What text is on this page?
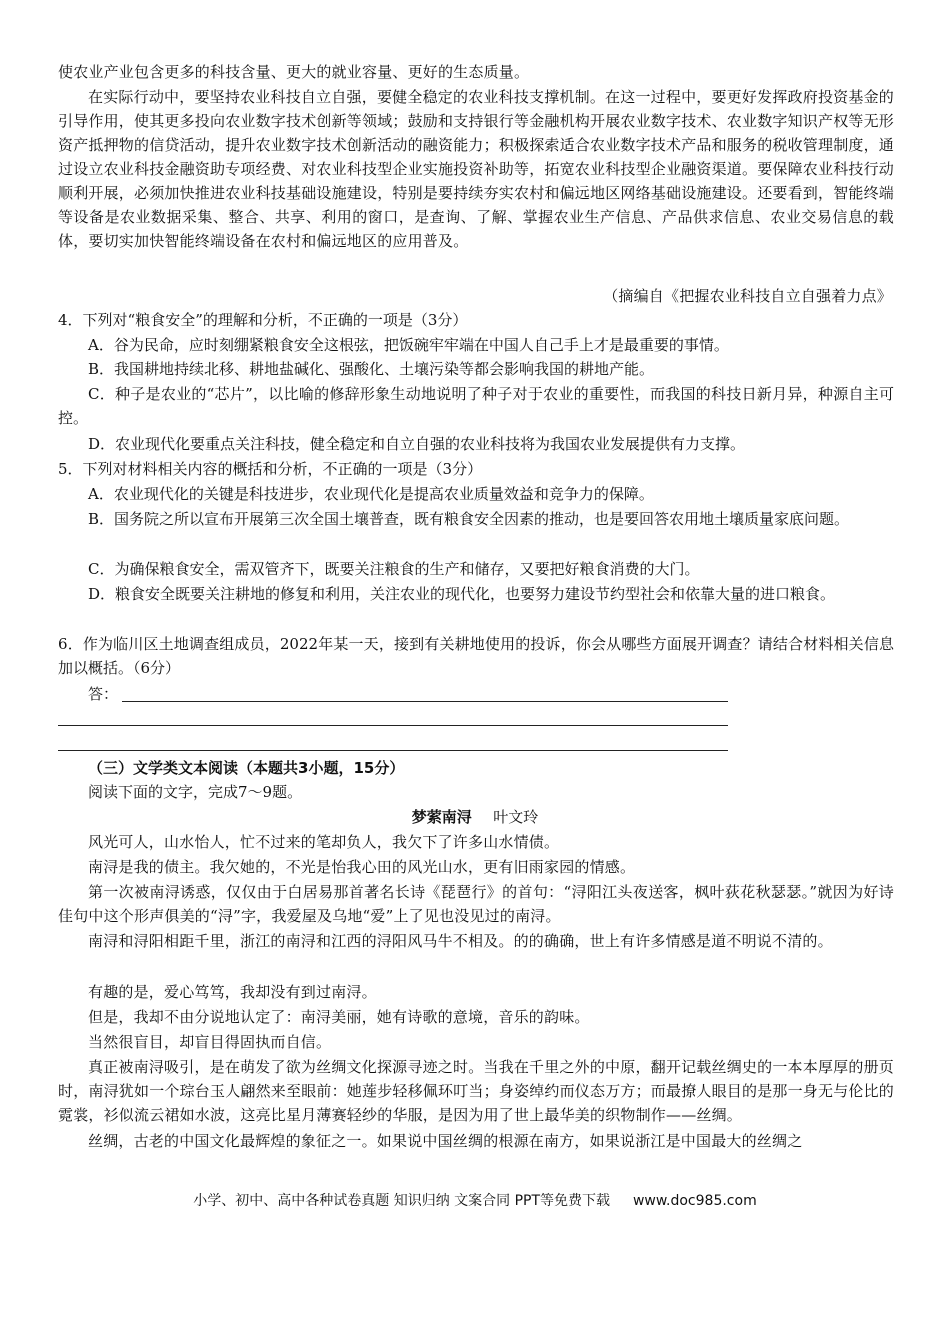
使农业产业包含更多的科技含量、更大的就业容量、更好的生态质量。
在实际行动中，要坚持农业科技自立自强，要健全稳定的农业科技支撑机制。在这一过程中，要更好发挥政府投资基金的引导作用，使其更多投向农业数字技术创新等领域；鼓励和支持银行等金融机构开展农业数字技术、农业数字知识产权等无形资产抵押物的信贷活动，提升农业数字技术创新活动的融资能力；积极探索适合农业数字技术产品和服务的税收管理制度，通过设立农业科技金融资助专项经费、对农业科技型企业实施投资补助等，拓宽农业科技型企业融资渠道。要保障农业科技行动顺利开展，必须加快推进农业科技基础设施建设，特别是要持续夯实农村和偏远地区网络基础设施建设。还要看到，智能终端等设备是农业数据采集、整合、共享、利用的窗口，是查询、了解、掌握农业生产信息、产品供求信息、农业交易信息的载体，要切实加快智能终端设备在农村和偏远地区的应用普及。
（摘编自《把握农业科技自立自强着力点》
4．下列对“粮食安全”的理解和分析，不正确的一项是（3分）
A．谷为民命，应时刻绷紧粮食安全这根弦，把饭碗牢牢端在中国人自己手上才是最重要的事情。
B．我国耕地持续北移、耕地盐碱化、强酸化、土壤污染等都会影响我国的耕地产能。
C．种子是农业的“芯片”，以比喻的修辞形象生动地说明了种子对于农业的重要性，而我国的科技日新月异，种源自主可控。
D．农业现代化要重点关注科技，健全稳定和自立自强的农业科技将为我国农业发展提供有力支撑。
5．下列对材料相关内容的概括和分析，不正确的一项是（3分）
A．农业现代化的关键是科技进步，农业现代化是提高农业质量效益和竞争力的保障。
B．国务院之所以宣布开展第三次全国土壤普查，既有粮食安全因素的推动，也是要回答农用地土壤质量家底问题。
C．为确保粮食安全，需双管齐下，既要关注粮食的生产和储存，又要把好粮食消费的大门。
D．粮食安全既要关注耕地的修复和利用，关注农业的现代化，也要努力建设节约型社会和依靠大量的进口粮食。
6．作为临川区土地调查组成员，2022年某一天，接到有关耕地使用的投诉，你会从哪些方面展开调查？请结合材料相关信息加以概括。（6分）
答：
（三）文学类文本阅读（本题共3小题，15分）
阅读下面的文字，完成7～9题。
梦萦南浔 叶文玲
风光可人，山水怡人，忙不过来的笔却负人，我欠下了许多山水情债。
南浔是我的债主。我欠她的，不光是怡我心田的风光山水，更有旧雨家园的情感。
第一次被南浔诱惑，仅仅由于白居易那首著名长诗《琵琶行》的首句：“浔阳江头夜送客，枫叶荻花秋瑟瑟。”就因为好诗佳句中这个形声俱美的“浔”字，我爱屋及乌地“爱”上了见也没见过的南浔。
南浔和浔阳相距千里，浙江的南浔和江西的浔阳风马牛不相及。的的确确，世上有许多情感是道不明说不清的。
有趣的是，爱心笃笃，我却没有到过南浔。
但是，我却不由分说地认定了：南浔美丽，她有诗歌的意境，音乐的韵味。
当然很盲目，却盲目得固执而自信。
真正被南浔吸引，是在萌发了欲为丝绸文化探源寻迹之时。当我在千里之外的中原，翻开记载丝绸史的一本本厚厚的册页时，南浔犹如一个琮台玉人翩然来至眼前：她莲步轻移佩环叮当；身姿绰约而仪态万方；而最撩人眼目的是那一身无与伦比的霓裳，衫似流云裙如水波，这亮比星月薄赛轻纱的华服，是因为用了世上最华美的织物制作——丝绸。
丝绸，古老的中国文化最辉煌的象征之一。如果说中国丝绸的根源在南方，如果说浙江是中国最大的丝绸之
小学、初中、高中各种试卷真题 知识归纳 文案合同 PPT等免费下载 www.doc985.com
